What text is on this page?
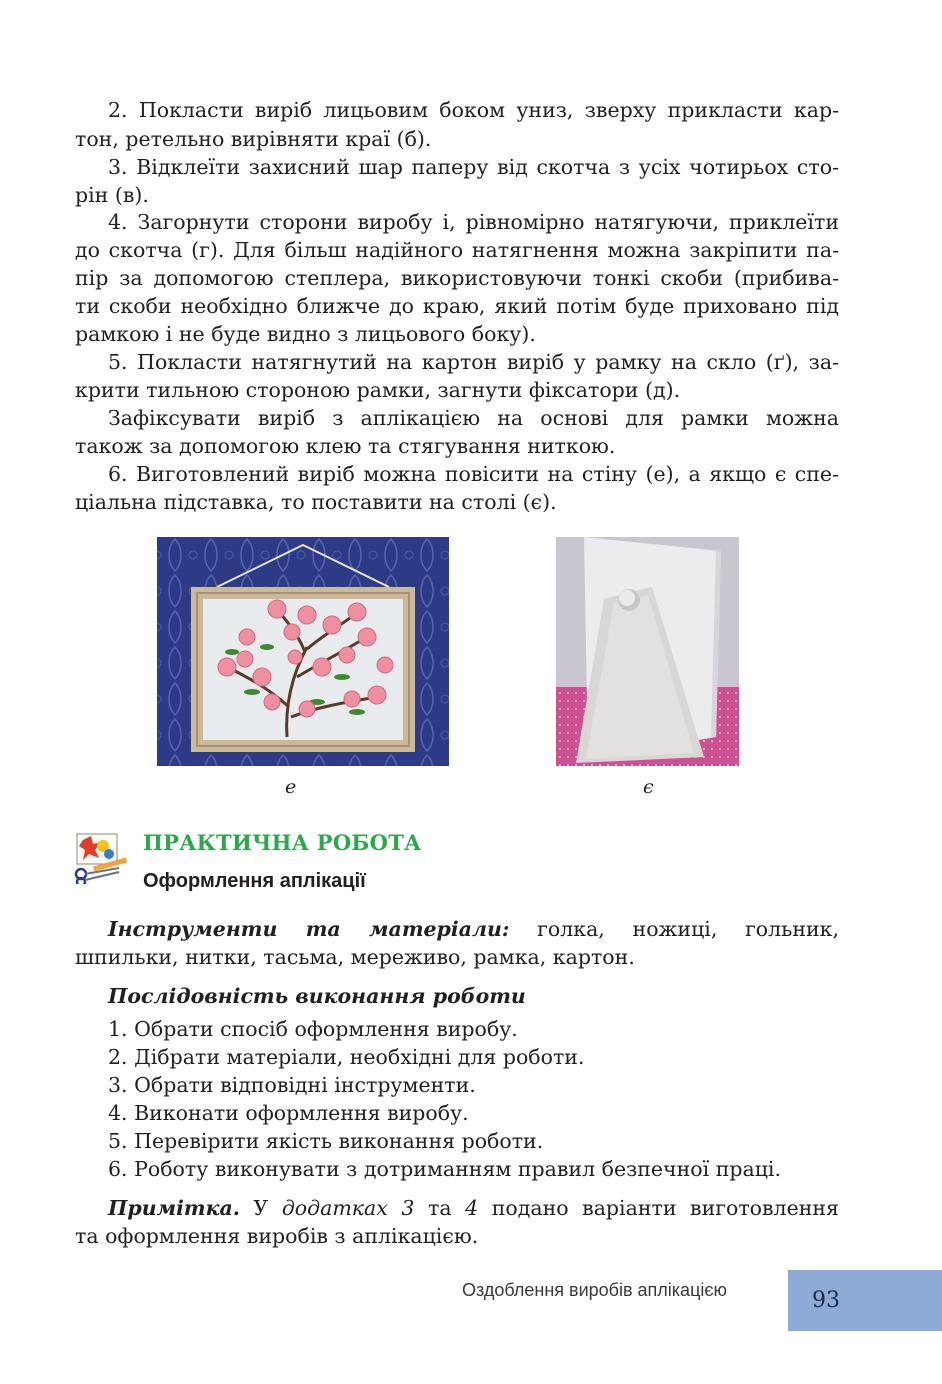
2. Покласти виріб лицьовим боком униз, зверху прикласти кар-

тон, ретельно вирівняти краї (б).

3. Відклеїти захисний шар паперу від скотча з усіх чотирьох сто-

рін (в).

4. Загорнути сторони виробу і, рівномірно натягуючи, приклеїти

до скотча (г). Для більш надійного натягнення можна закріпити па-

пір за допомогою степлера, використовуючи тонкі скоби (прибива-

ти скоби необхідно ближче до краю, який потім буде приховано під

рамкою і не буде видно з лицьового боку).

5. Покласти натягнутий на картон виріб у рамку на скло (ґ), за-

крити тильною стороною рамки, загнути фіксатори (д).

Зафіксувати виріб з аплікацією на основі для рамки можна

також за допомогою клею та стягування ниткою.

6. Виготовлений виріб можна повісити на стіну (е), а якщо є спе-

ціальна підставка, то поставити на столі (є).

е	є
ПРАКТИЧНА РОБОТА
Оформлення аплікації

Інструменти та матеріали: голка, ножиці, гольник,

шпильки, нитки, тасьма, мереживо, рамка, картон.

Послідовність виконання роботи
1. Обрати спосіб оформлення виробу.
2. Дібрати матеріали, необхідні для роботи.
3. Обрати відповідні інструменти.
4. Виконати оформлення виробу.
5. Перевірити якість виконання роботи.
6. Роботу виконувати з дотриманням правил безпечної праці.

Примітка. У додатках 3 та 4 подано варіанти виготовлення

та оформлення виробів з аплікацією.

Оздоблення виробів аплікацією	93
